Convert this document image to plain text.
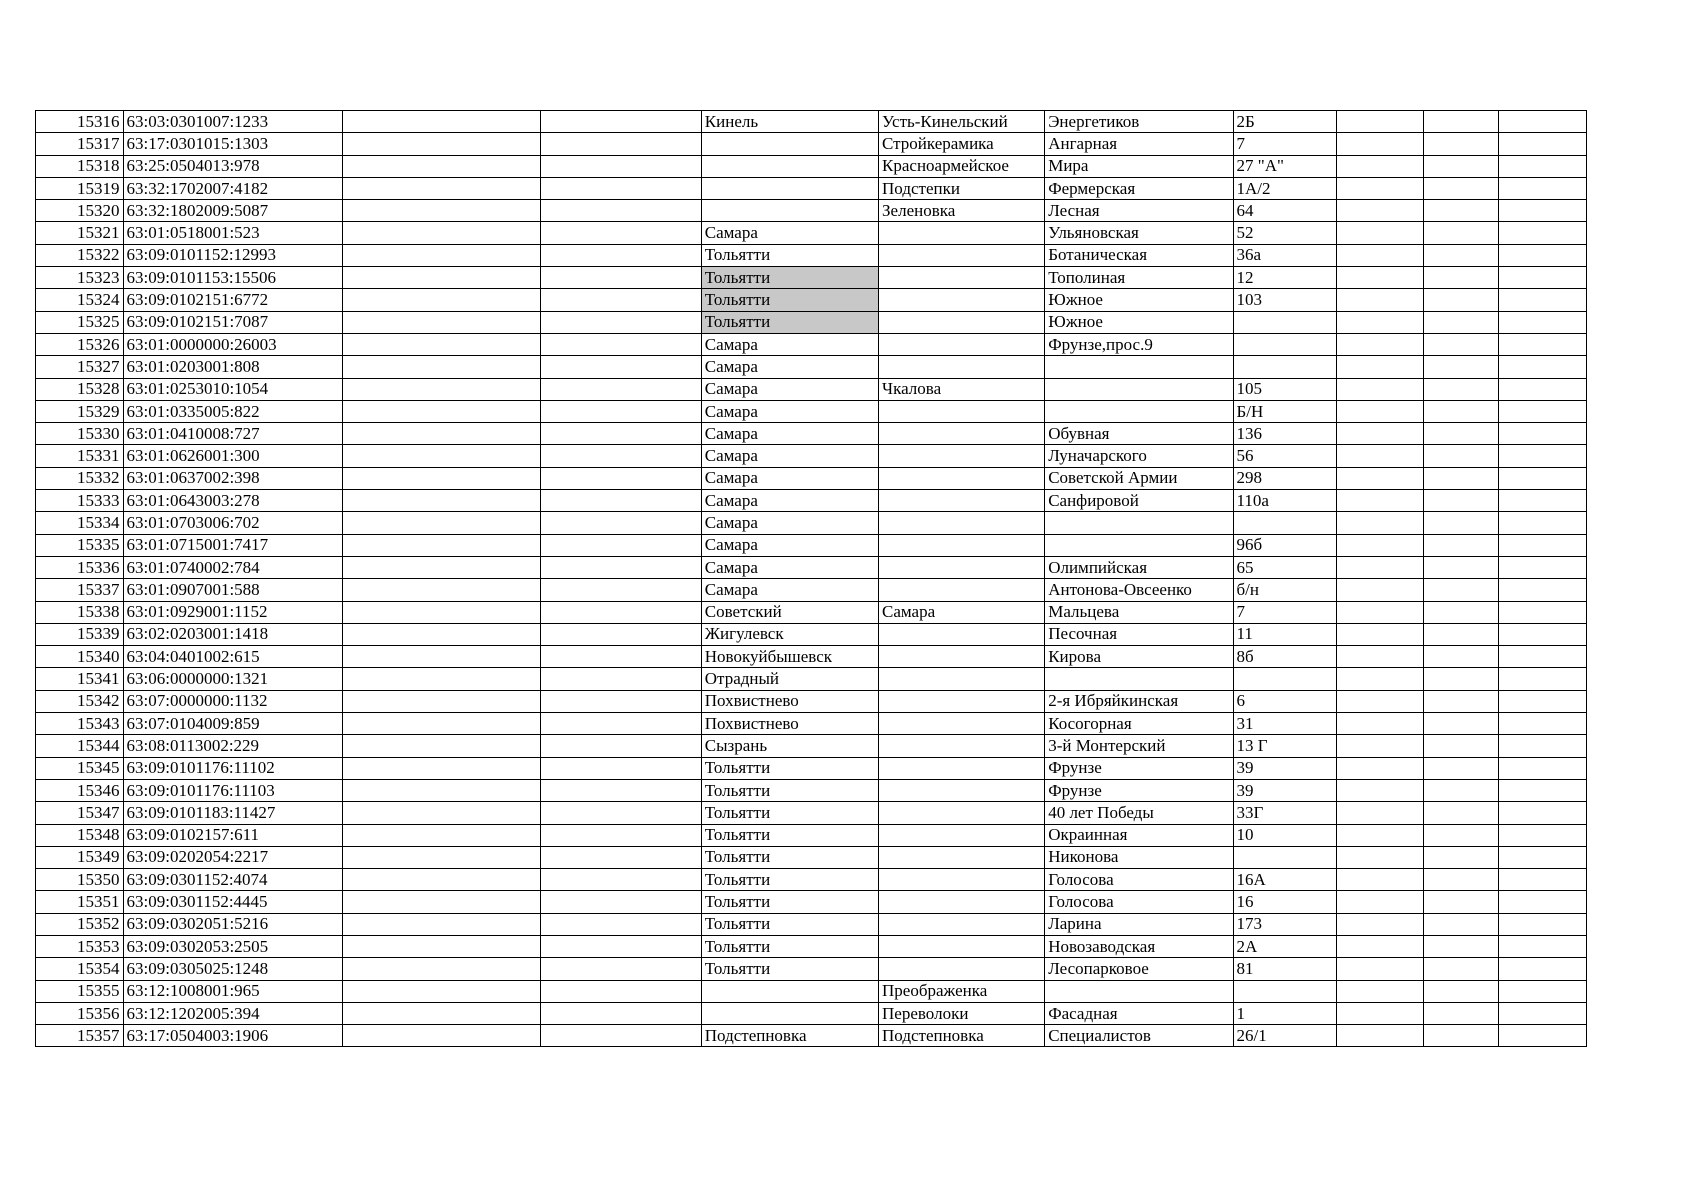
15316	63:03:0301007:1233			Кинель	Усть-Кинельский	Энергетиков	2Б			
15317	63:17:0301015:1303				Стройкерамика	Ангарная	7			
15318	63:25:0504013:978				Красноармейское	Мира	27 "А"			
15319	63:32:1702007:4182				Подстепки	Фермерская	1А/2			
15320	63:32:1802009:5087				Зеленовка	Лесная	64			
15321	63:01:0518001:523			Самара		Ульяновская	52			
15322	63:09:0101152:12993			Тольятти		Ботаническая	36а			
15323	63:09:0101153:15506			Тольятти		Тополиная	12			
15324	63:09:0102151:6772			Тольятти		Южное	103			
15325	63:09:0102151:7087			Тольятти		Южное				
15326	63:01:0000000:26003			Самара		Фрунзе,прос.9				
15327	63:01:0203001:808			Самара						
15328	63:01:0253010:1054			Самара	Чкалова		105			
15329	63:01:0335005:822			Самара			Б/Н			
15330	63:01:0410008:727			Самара		Обувная	136			
15331	63:01:0626001:300			Самара		Луначарского	56			
15332	63:01:0637002:398			Самара		Советской Армии	298			
15333	63:01:0643003:278			Самара		Санфировой	110а			
15334	63:01:0703006:702			Самара						
15335	63:01:0715001:7417			Самара			96б			
15336	63:01:0740002:784			Самара		Олимпийская	65			
15337	63:01:0907001:588			Самара		Антонова-Овсеенко	б/н			
15338	63:01:0929001:1152			Советский	Самара	Мальцева	7			
15339	63:02:0203001:1418			Жигулевск		Песочная	11			
15340	63:04:0401002:615			Новокуйбышевск		Кирова	8б			
15341	63:06:0000000:1321			Отрадный						
15342	63:07:0000000:1132			Похвистнево		2-я Ибряйкинская	6			
15343	63:07:0104009:859			Похвистнево		Косогорная	31			
15344	63:08:0113002:229			Сызрань		3-й Монтерский	13 Г			
15345	63:09:0101176:11102			Тольятти		Фрунзе	39			
15346	63:09:0101176:11103			Тольятти		Фрунзе	39			
15347	63:09:0101183:11427			Тольятти		40 лет Победы	33Г			
15348	63:09:0102157:611			Тольятти		Окраинная	10			
15349	63:09:0202054:2217			Тольятти		Никонова				
15350	63:09:0301152:4074			Тольятти		Голосова	16А			
15351	63:09:0301152:4445			Тольятти		Голосова	16			
15352	63:09:0302051:5216			Тольятти		Ларина	173			
15353	63:09:0302053:2505			Тольятти		Новозаводская	2А			
15354	63:09:0305025:1248			Тольятти		Лесопарковое	81			
15355	63:12:1008001:965				Преображенка					
15356	63:12:1202005:394				Переволоки	Фасадная	1			
15357	63:17:0504003:1906			Подстепновка	Подстепновка	Специалистов	26/1			
